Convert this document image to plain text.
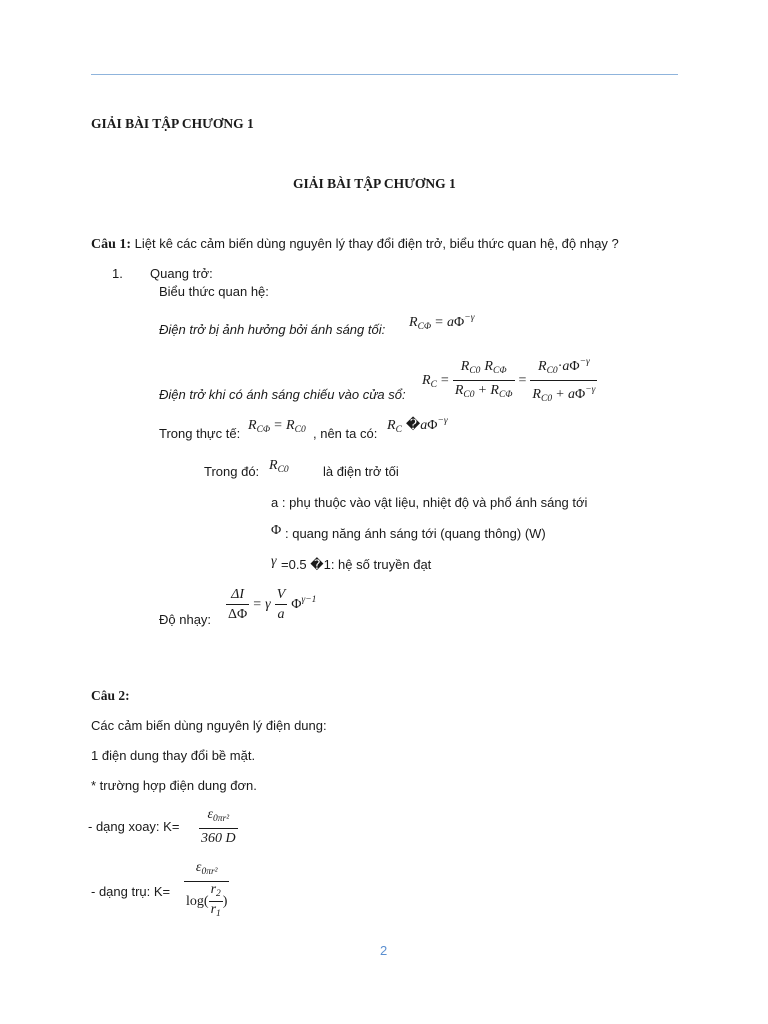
GIẢI BÀI TẬP CHƯƠNG 1
GIẢI BÀI TẬP CHƯƠNG 1
Câu 1: Liệt kê các cảm biến dùng nguyên lý thay đổi điện trở, biểu thức quan hệ, độ nhạy ?
1. Quang trở:
Biểu thức quan hệ:
Điện trở bị ảnh hưởng bởi ánh sáng tối: $R_{C\Phi} = a\Phi^{-\gamma}$
Điện trở khi có ánh sáng chiếu vào cửa sổ:
$R_C = \frac{R_{C0} R_{C\Phi}}{R_{C0} + R_{C\Phi}} = \frac{R_{C0}\cdot a\Phi^{-\gamma}}{R_{C0} + a\Phi^{-\gamma}}$
Trong thực tế:
$R_{C\Phi} = R_{C0}$ , nên ta có:
$R_C$ $�a\Phi^{-\gamma}$
Trong đó: $R_{C0}$	là điện trở tối
a : phụ thuộc vào vật liệu, nhiệt độ và phổ ánh sáng tới
Φ : quang năng ánh sáng tới (quang thông) (W)
γ =0.5 �1: hệ số truyền đạt
Độ nhạy: $\frac{\Delta I}{\Delta\Phi} = \gamma \frac{V}{a} \Phi^{\gamma-1}$
Câu 2:
Các cảm biến dùng nguyên lý điện dung:
1 điện dung thay đổi bề mặt.
* trường hợp điện dung đơn.
- dạng xoay: $K= \frac{\varepsilon_{0\pi r^2}}{360 D}$
- dạng trụ: $K= \frac{\varepsilon_{0\pi r^2}}{\log( \frac{r_2}{r_1} )}$
2
